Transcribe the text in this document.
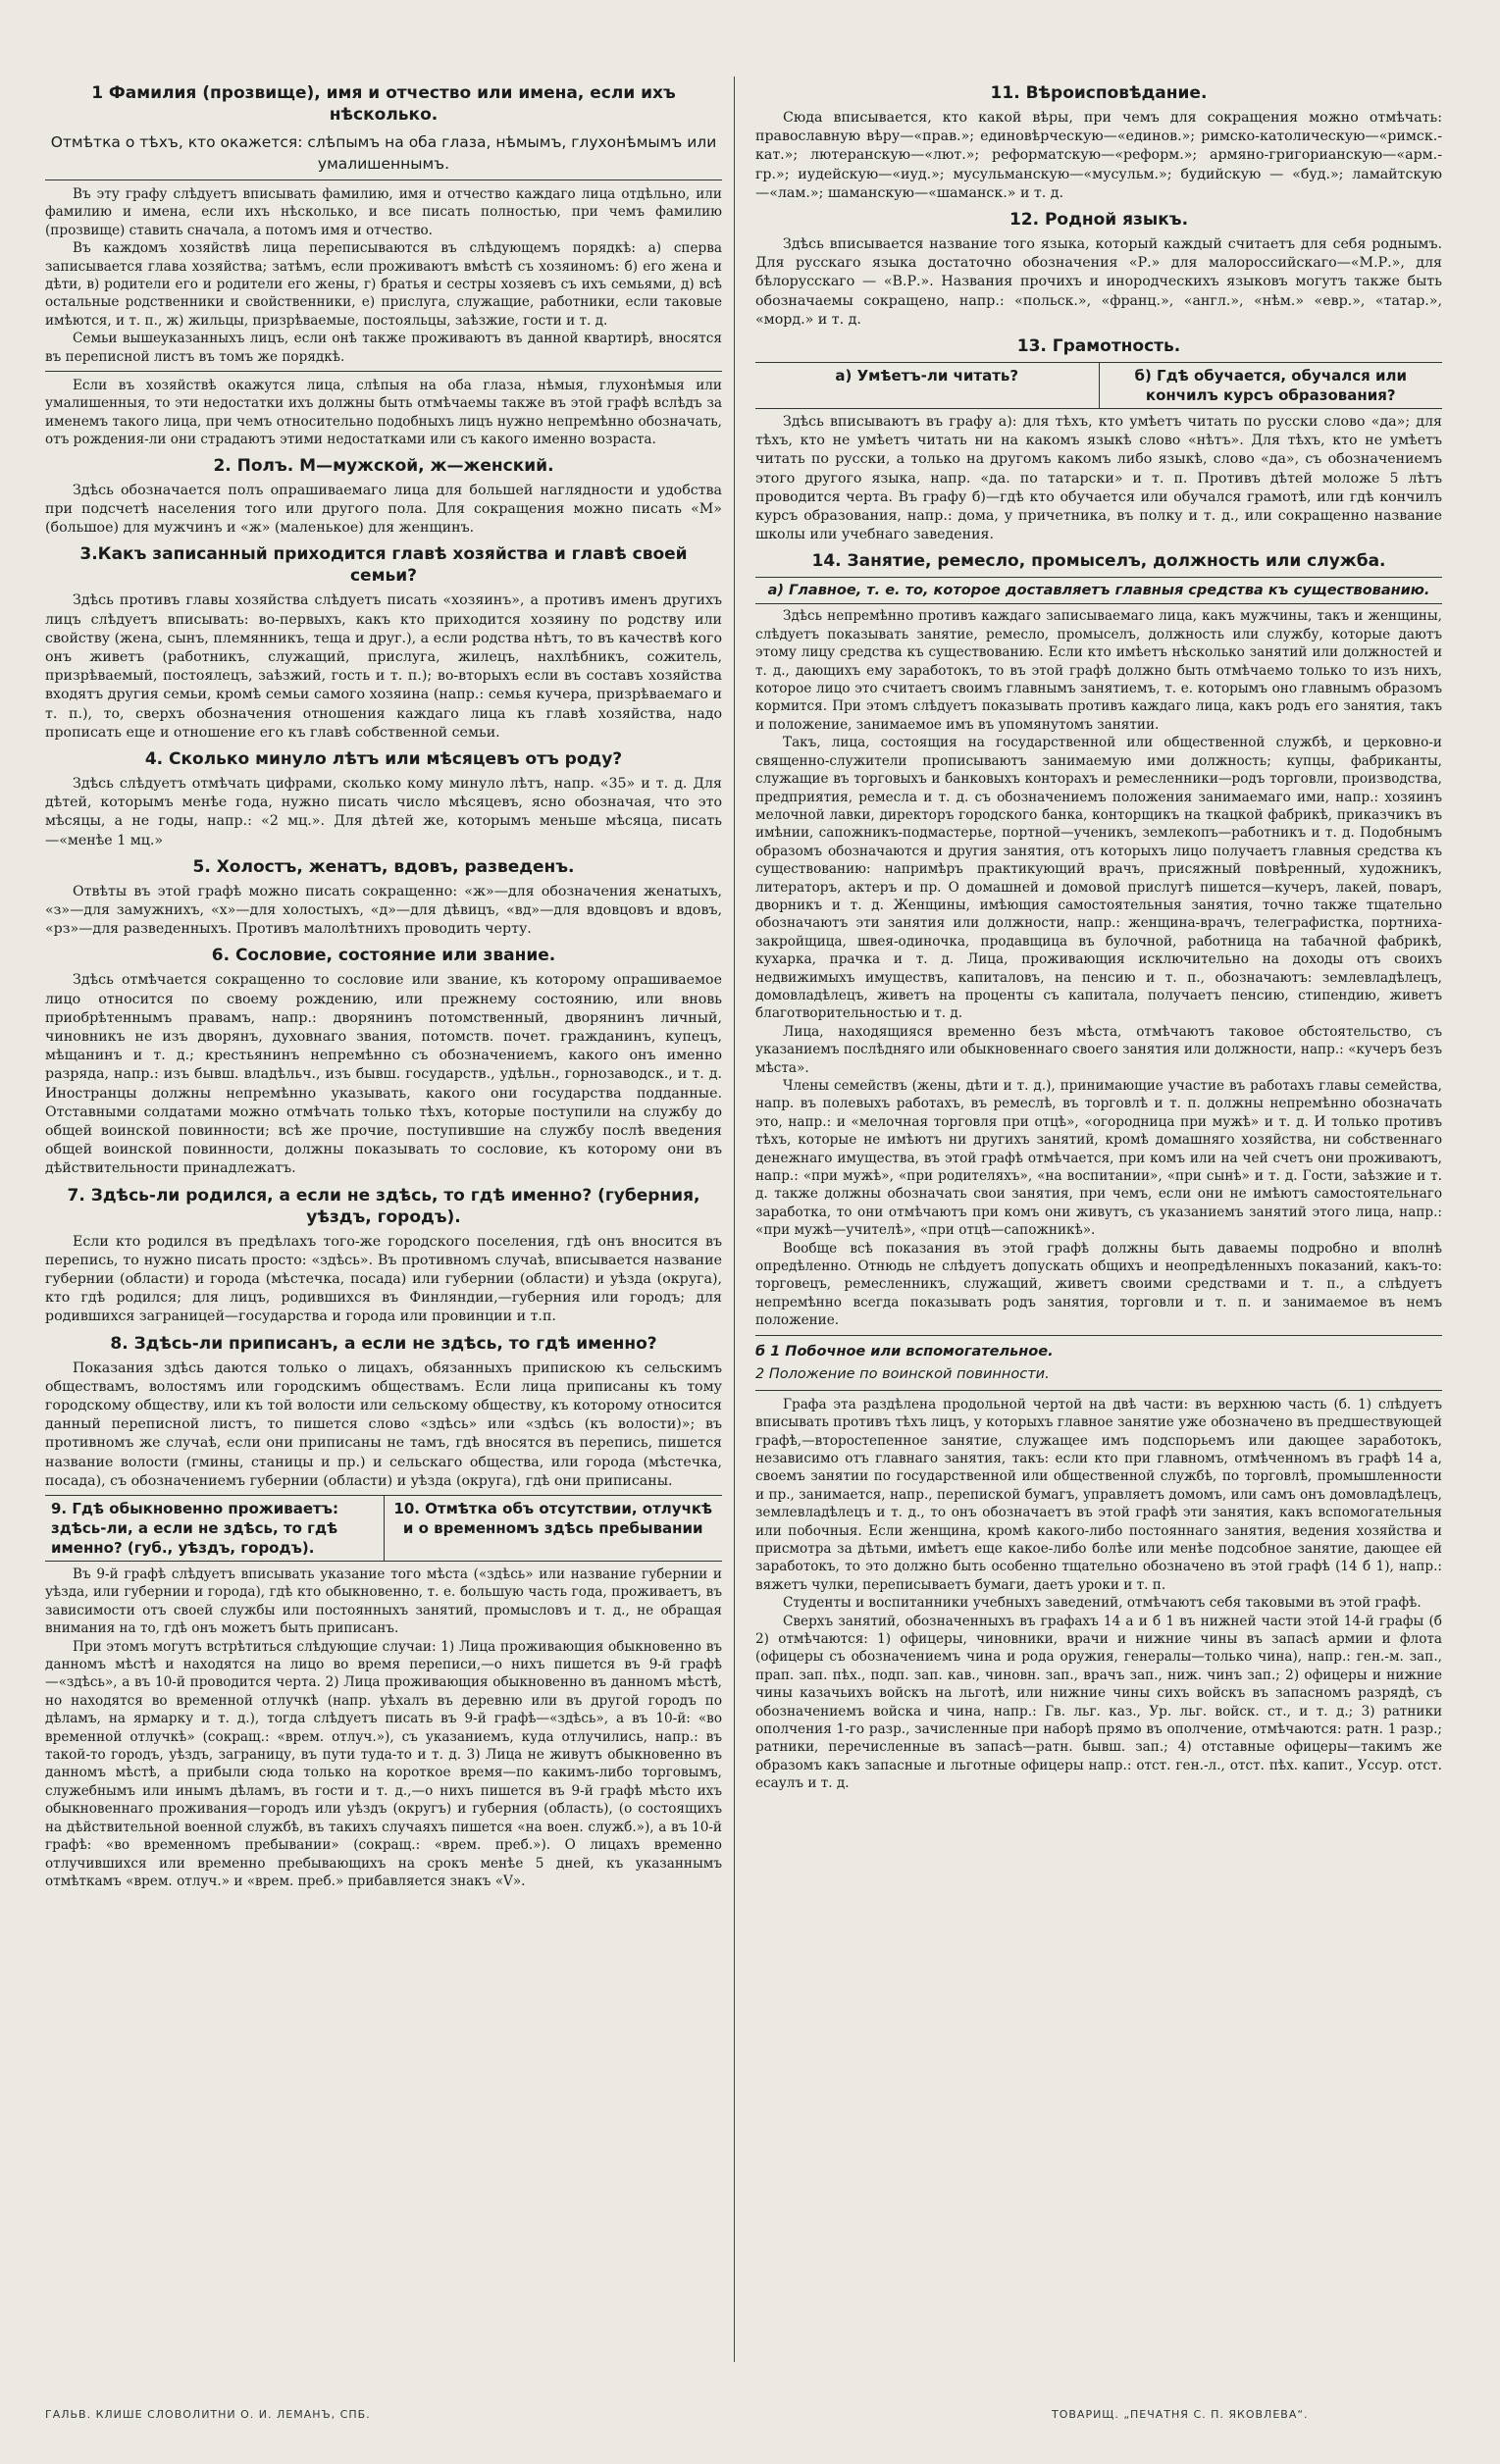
1 Фамилия (прозвище), имя и отчество или имена, если ихъ нѣсколько.
Отмѣтка о тѣхъ, кто окажется: слѣпымъ на оба глаза, нѣмымъ, глухонѣмымъ или умалишеннымъ.

Въ эту графу слѣдуетъ вписывать фамилию, имя и отчество каждаго лица отдѣльно, или фамилию и имена, если ихъ нѣсколько, и все писать полностью, при чемъ фамилию (прозвище) ставить сначала, а потомъ имя и отчество.

Въ каждомъ хозяйствѣ лица переписываются въ слѣдующемъ порядкѣ: а) сперва записывается глава хозяйства; затѣмъ, если проживаютъ вмѣстѣ съ хозяиномъ: б) его жена и дѣти, в) родители его и родители его жены, г) братья и сестры хозяевъ съ ихъ семьями, д) всѣ остальные родственники и свойственники, е) прислуга, служащие, работники, если таковые имѣются, и т. п., ж) жильцы, призрѣваемые, постояльцы, заѣзжие, гости и т. д.

Семьи вышеуказанныхъ лицъ, если онѣ также проживаютъ въ данной квартирѣ, вносятся въ переписной листъ въ томъ же порядкѣ.

Если въ хозяйствѣ окажутся лица, слѣпыя на оба глаза, нѣмыя, глухонѣмыя или умалишенныя, то эти недостатки ихъ должны быть отмѣчаемы также въ этой графѣ вслѣдъ за именемъ такого лица, при чемъ относительно подобныхъ лицъ нужно непремѣнно обозначать, отъ рождения-ли они страдаютъ этими недостатками или съ какого именно возраста.

2. Полъ. М—мужской, ж—женский.

Здѣсь обозначается полъ опрашиваемаго лица для большей наглядности и удобства при подсчетѣ населения того или другого пола. Для сокращения можно писать «М» (большое) для мужчинъ и «ж» (маленькое) для женщинъ.

3.Какъ записанный приходится главѣ хозяйства и главѣ своей семьи?

Здѣсь противъ главы хозяйства слѣдуетъ писать «хозяинъ», а противъ именъ другихъ лицъ слѣдуетъ вписывать: во-первыхъ, какъ кто приходится хозяину по родству или свойству (жена, сынъ, племянникъ, теща и друг.), а если родства нѣтъ, то въ качествѣ кого онъ живетъ (работникъ, служащий, прислуга, жилецъ, нахлѣбникъ, сожитель, призрѣваемый, постоялецъ, заѣзжий, гость и т. п.); во-вторыхъ если въ составъ хозяйства входятъ другия семьи, кромѣ семьи самого хозяина (напр.: семья кучера, призрѣваемаго и т. п.), то, сверхъ обозначения отношения каждаго лица къ главѣ хозяйства, надо прописать еще и отношение его къ главѣ собственной семьи.

4. Сколько минуло лѣтъ или мѣсяцевъ отъ роду?

Здѣсь слѣдуетъ отмѣчать цифрами, сколько кому минуло лѣтъ, напр. «35» и т. д. Для дѣтей, которымъ менѣе года, нужно писать число мѣсяцевъ, ясно обозначая, что это мѣсяцы, а не годы, напр.: «2 мц.». Для дѣтей же, которымъ меньше мѣсяца, писать—«менѣе 1 мц.»

5. Холостъ, женатъ, вдовъ, разведенъ.

Отвѣты въ этой графѣ можно писать сокращенно: «ж»—для обозначения женатыхъ, «з»—для замужнихъ, «х»—для холостыхъ, «д»—для дѣвицъ, «вд»—для вдовцовъ и вдовъ, «рз»—для разведенныхъ. Противъ малолѣтнихъ проводить черту.

6. Сословие, состояние или звание.

Здѣсь отмѣчается сокращенно то сословие или звание, къ которому опрашиваемое лицо относится по своему рождению, или прежнему состоянию, или вновь приобрѣтеннымъ правамъ, напр.: дворянинъ потомственный, дворянинъ личный, чиновникъ не изъ дворянъ, духовнаго звания, потомств. почет. гражданинъ, купецъ, мѣщанинъ и т. д.; крестьянинъ непремѣнно съ обозначениемъ, какого онъ именно разряда, напр.: изъ бывш. владѣльч., изъ бывш. государств., удѣльн., горнозаводск., и т. д. Иностранцы должны непремѣнно указывать, какого они государства подданные. Отставными солдатами можно отмѣчать только тѣхъ, которые поступили на службу до общей воинской повинности; всѣ же прочие, поступившие на службу послѣ введения общей воинской повинности, должны показывать то сословие, къ которому они въ дѣйствительности принадлежатъ.

7. Здѣсь-ли родился, а если не здѣсь, то гдѣ именно? (губерния, уѣздъ, городъ).

Если кто родился въ предѣлахъ того-же городского поселения, гдѣ онъ вносится въ перепись, то нужно писать просто: «здѣсь». Въ противномъ случаѣ, вписывается название губернии (области) и города (мѣстечка, посада) или губернии (области) и уѣзда (округа), кто гдѣ родился; для лицъ, родившихся въ Финляндии,—губерния или городъ; для родившихся заграницей—государства и города или провинции и т.п.

8. Здѣсь-ли приписанъ, а если не здѣсь, то гдѣ именно?

Показания здѣсь даются только о лицахъ, обязанныхъ припискою къ сельскимъ обществамъ, волостямъ или городскимъ обществамъ. Если лица приписаны къ тому городскому обществу, или къ той волости или сельскому обществу, къ которому относится данный переписной листъ, то пишется слово «здѣсь» или «здѣсь (къ волости)»; въ противномъ же случаѣ, если они приписаны не тамъ, гдѣ вносятся въ перепись, пишется название волости (гмины, станицы и пр.) и сельскаго общества, или города (мѣстечка, посада), съ обозначениемъ губернии (области) и уѣзда (округа), гдѣ они приписаны.

9. Гдѣ обыкновенно проживаетъ: здѣсь-ли, а если не здѣсь, то гдѣ именно? (губ., уѣздъ, городъ).
10. Отмѣтка объ отсутствии, отлучкѣ и о временномъ здѣсь пребывании

Въ 9-й графѣ слѣдуетъ вписывать указание того мѣста («здѣсь» или название губернии и уѣзда, или губернии и города), гдѣ кто обыкновенно, т. е. большую часть года, проживаетъ, въ зависимости отъ своей службы или постоянныхъ занятий, промысловъ и т. д., не обращая внимания на то, гдѣ онъ можетъ быть приписанъ.

При этомъ могутъ встрѣтиться слѣдующие случаи: 1) Лица проживающия обыкновенно въ данномъ мѣстѣ и находятся на лицо во время переписи,—о нихъ пишется въ 9-й графѣ—«здѣсь», а въ 10-й проводится черта. 2) Лица проживающия обыкновенно въ данномъ мѣстѣ, но находятся во временной отлучкѣ (напр. уѣхалъ въ деревню или въ другой городъ по дѣламъ, на ярмарку и т. д.), тогда слѣдуетъ писать въ 9-й графѣ—«здѣсь», а въ 10-й: «во временной отлучкѣ» (сокращ.: «врем. отлуч.»), съ указаниемъ, куда отлучились, напр.: въ такой-то городъ, уѣздъ, заграницу, въ пути туда-то и т. д. 3) Лица не живутъ обыкновенно въ данномъ мѣстѣ, а прибыли сюда только на короткое время—по какимъ-либо торговымъ, служебнымъ или инымъ дѣламъ, въ гости и т. д.,—о нихъ пишется въ 9-й графѣ мѣсто ихъ обыкновеннаго проживания—городъ или уѣздъ (округъ) и губерния (область), (о состоящихъ на дѣйствительной военной службѣ, въ такихъ случаяхъ пишется «на воен. служб.»), а въ 10-й графѣ: «во временномъ пребывании» (сокращ.: «врем. преб.»). О лицахъ временно отлучившихся или временно пребывающихъ на срокъ менѣе 5 дней, къ указаннымъ отмѣткамъ «врем. отлуч.» и «врем. преб.» прибавляется знакъ «V».

11. Вѣроисповѣдание.

Сюда вписывается, кто какой вѣры, при чемъ для сокращения можно отмѣчать: православную вѣру—«прав.»; единовѣрческую—«единов.»; римско-католическую—«римск.-кат.»; лютеранскую—«лют.»; реформатскую—«реформ.»; армяно-григорианскую—«арм.-гр.»; иудейскую—«иуд.»; мусульманскую—«мусульм.»; будийскую — «буд.»; ламайтскую—«лам.»; шаманскую—«шаманск.» и т. д.

12. Родной языкъ.

Здѣсь вписывается название того языка, который каждый считаетъ для себя роднымъ. Для русскаго языка достаточно обозначения «Р.» для малороссийскаго—«М.Р.», для бѣлорусскаго — «В.Р.». Названия прочихъ и инородческихъ языковъ могутъ также быть обозначаемы сокращено, напр.: «польск.», «франц.», «англ.», «нѣм.» «евр.», «татар.», «морд.» и т. д.

13. Грамотность.
а) Умѣетъ-ли читать?	б) Гдѣ обучается, обучался или кончилъ курсъ образования?

Здѣсь вписываютъ въ графу а): для тѣхъ, кто умѣетъ читать по русски слово «да»; для тѣхъ, кто не умѣетъ читать ни на какомъ языкѣ слово «нѣтъ». Для тѣхъ, кто не умѣетъ читать по русски, а только на другомъ какомъ либо языкѣ, слово «да», съ обозначениемъ этого другого языка, напр. «да. по татарски» и т. п. Противъ дѣтей моложе 5 лѣтъ проводится черта. Въ графу б)—гдѣ кто обучается или обучался грамотѣ, или гдѣ кончилъ курсъ образования, напр.: дома, у причетника, въ полку и т. д., или сокращенно название школы или учебнаго заведения.

14. Занятие, ремесло, промыселъ, должность или служба.
а) Главное, т. е. то, которое доставляетъ главныя средства къ существованию.

Здѣсь непремѣнно противъ каждаго записываемаго лица, какъ мужчины, такъ и женщины, слѣдуетъ показывать занятие, ремесло, промыселъ, должность или службу, которые даютъ этому лицу средства къ существованию. Если кто имѣетъ нѣсколько занятий или должностей и т. д., дающихъ ему заработокъ, то въ этой графѣ должно быть отмѣчаемо только то изъ нихъ, которое лицо это считаетъ своимъ главнымъ занятиемъ, т. е. которымъ оно главнымъ образомъ кормится. При этомъ слѣдуетъ показывать противъ каждаго лица, какъ родъ его занятия, такъ и положение, занимаемое имъ въ упомянутомъ занятии.

Такъ, лица, состоящия на государственной или общественной службѣ, и церковно-и священно-служители прописываютъ занимаемую ими должность; купцы, фабриканты, служащие въ торговыхъ и банковыхъ конторахъ и ремесленники—родъ торговли, производства, предприятия, ремесла и т. д. съ обозначениемъ положения занимаемаго ими, напр.: хозяинъ мелочной лавки, директоръ городского банка, конторщикъ на ткацкой фабрикѣ, приказчикъ въ имѣнии, сапожникъ-подмастерье, портной—ученикъ, землекопъ—работникъ и т. д. Подобнымъ образомъ обозначаются и другия занятия, отъ которыхъ лицо получаетъ главныя средства къ существованию: напримѣръ практикующий врачъ, присяжный повѣренный, художникъ, литераторъ, актеръ и пр. О домашней и домовой прислугѣ пишется—кучеръ, лакей, поваръ, дворникъ и т. д. Женщины, имѣющия самостоятельныя занятия, точно также тщательно обозначаютъ эти занятия или должности, напр.: женщина-врачъ, телеграфистка, портниха-закройщица, швея-одиночка, продавщица въ булочной, работница на табачной фабрикѣ, кухарка, прачка и т. д. Лица, проживающия исключительно на доходы отъ своихъ недвижимыхъ имуществъ, капиталовъ, на пенсию и т. п., обозначаютъ: землевладѣлецъ, домовладѣлецъ, живетъ на проценты съ капитала, получаетъ пенсию, стипендию, живетъ благотворительностью и т. д.

Лица, находящияся временно безъ мѣста, отмѣчаютъ таковое обстоятельство, съ указаниемъ послѣдняго или обыкновеннаго своего занятия или должности, напр.: «кучеръ безъ мѣста».

Члены семействъ (жены, дѣти и т. д.), принимающие участие въ работахъ главы семейства, напр. въ полевыхъ работахъ, въ ремеслѣ, въ торговлѣ и т. п. должны непремѣнно обозначать это, напр.: и «мелочная торговля при отцѣ», «огородница при мужѣ» и т. д. И только противъ тѣхъ, которые не имѣютъ ни другихъ занятий, кромѣ домашняго хозяйства, ни собственнаго денежнаго имущества, въ этой графѣ отмѣчается, при комъ или на чей счетъ они проживаютъ, напр.: «при мужѣ», «при родителяхъ», «на воспитании», «при сынѣ» и т. д. Гости, заѣзжие и т. д. также должны обозначать свои занятия, при чемъ, если они не имѣютъ самостоятельнаго заработка, то они отмѣчаютъ при комъ они живутъ, съ указаниемъ занятий этого лица, напр.: «при мужѣ—учителѣ», «при отцѣ—сапожникѣ».

Вообще всѣ показания въ этой графѣ должны быть даваемы подробно и вполнѣ опредѣленно. Отнюдь не слѣдуетъ допускать общихъ и неопредѣленныхъ показаний, какъ-то: торговецъ, ремесленникъ, служащий, живетъ своими средствами и т. п., а слѣдуетъ непремѣнно всегда показывать родъ занятия, торговли и т. п. и занимаемое въ немъ положение.

б 1 Побочное или вспомогательное.
2 Положение по воинской повинности.

Графа эта раздѣлена продольной чертой на двѣ части: въ верхнюю часть (б. 1) слѣдуетъ вписывать противъ тѣхъ лицъ, у которыхъ главное занятие уже обозначено въ предшествующей графѣ,—второстепенное занятие, служащее имъ подспорьемъ или дающее заработокъ, независимо отъ главнаго занятия, такъ: если кто при главномъ, отмѣченномъ въ графѣ 14 а, своемъ занятии по государственной или общественной службѣ, по торговлѣ, промышленности и пр., занимается, напр., перепиской бумагъ, управляетъ домомъ, или самъ онъ домовладѣлецъ, землевладѣлецъ и т. д., то онъ обозначаетъ въ этой графѣ эти занятия, какъ вспомогательныя или побочныя. Если женщина, кромѣ какого-либо постояннаго занятия, ведения хозяйства и присмотра за дѣтьми, имѣетъ еще какое-либо болѣе или менѣе подсобное занятие, дающее ей заработокъ, то это должно быть особенно тщательно обозначено въ этой графѣ (14 б 1), напр.: вяжетъ чулки, переписываетъ бумаги, даетъ уроки и т. п.

Студенты и воспитанники учебныхъ заведений, отмѣчаютъ себя таковыми въ этой графѣ.

Сверхъ занятий, обозначенныхъ въ графахъ 14 а и б 1 въ нижней части этой 14-й графы (б 2) отмѣчаются: 1) офицеры, чиновники, врачи и нижние чины въ запасѣ армии и флота (офицеры съ обозначениемъ чина и рода оружия, генералы—только чина), напр.: ген.-м. зап., прап. зап. пѣх., подп. зап. кав., чиновн. зап., врачъ зап., ниж. чинъ зап.; 2) офицеры и нижние чины казачьихъ войскъ на льготѣ, или нижние чины сихъ войскъ въ запасномъ разрядѣ, съ обозначениемъ войска и чина, напр.: Гв. льг. каз., Ур. льг. войск. ст., и т. д.; 3) ратники ополчения 1-го разр., зачисленные при наборѣ прямо въ ополчение, отмѣчаются: ратн. 1 разр.; ратники, перечисленные въ запасѣ—ратн. бывш. зап.; 4) отставные офицеры—такимъ же образомъ какъ запасные и льготные офицеры напр.: отст. ген.-л., отст. пѣх. капит., Уссур. отст. есаулъ и т. д.

ГАЛЬВ. КЛИШЕ СЛОВОЛИТНИ О. И. ЛЕМАНЪ, СПБ.	ТОВАРИЩ. „ПЕЧАТНЯ С. П. ЯКОВЛЕВА“.
